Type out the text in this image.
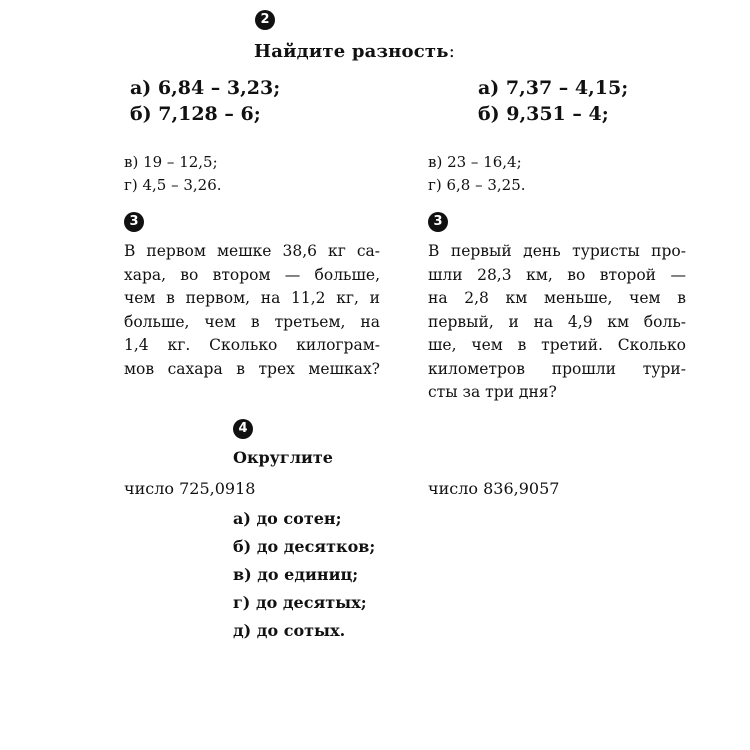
2
Найдите разность:
а) 6,84 – 3,23;
б) 7,128 – 6;
а) 7,37 – 4,15;
б) 9,351 – 4;
в) 19 – 12,5;
г) 4,5 – 3,26.
в) 23 – 16,4;
г) 6,8 – 3,25.
3	3
В первом мешке 38,6 кг са-
хара, во втором — больше,
чем в первом, на 11,2 кг, и
больше, чем в третьем, на
1,4 кг. Сколько килограм-
мов сахара в трех мешках?
В первый день туристы про-
шли 28,3 км, во второй —
на 2,8 км меньше, чем в
первый, и на 4,9 км боль-
ше, чем в третий. Сколько
километров прошли тури-
сты за три дня?
4
Округлите
число 725,0918	число 836,9057
а) до сотен;
б) до десятков;
в) до единиц;
г) до десятых;
д) до сотых.
